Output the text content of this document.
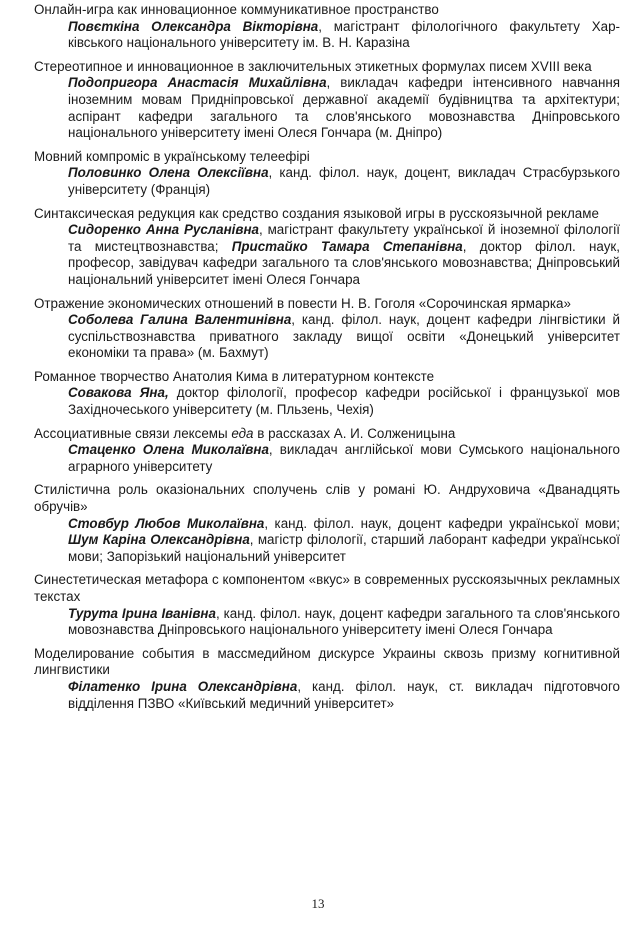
Онлайн-игра как инновационное коммуникативное пространство
Повєткіна Олександра Вікторівна, магістрант філологічного факультету Харківського національного університету ім. В. Н. Каразіна
Стереотипное и инновационное в заключительных этикетных формулах писем XVIII века
Подопригора Анастасія Михайлівна, викладач кафедри інтенсивного навчання іноземним мовам Придніпровської державної академії будівництва та архітектури; аспірант кафедри загального та слов'янського мовознавства Дніпровського національного університету імені Олеся Гончара (м. Дніпро)
Мовний компроміс в українському телеефірі
Половинко Олена Олексіївна, канд. філол. наук, доцент, викладач Страсбурзького університету (Франція)
Синтаксическая редукция как средство создания языковой игры в русскоязычной рекламе
Сидоренко Анна Русланівна, магістрант факультету української й іноземної філології та мистецтвознавства; Пристайко Тамара Степанівна, доктор філол. наук, професор, завідувач кафедри загального та слов'янського мовознавства; Дніпровський національний університет імені Олеся Гончара
Отражение экономических отношений в повести Н. В. Гоголя «Сорочинская ярмарка»
Соболева Галина Валентинівна, канд. філол. наук, доцент кафедри лінгвістики й суспільствознавства приватного закладу вищої освіти «Донецький університет економіки та права» (м. Бахмут)
Романное творчество Анатолия Кима в литературном контексте
Совакова Яна, доктор філології, професор кафедри російської і французької мов Західночеського університету (м. Пльзень, Чехія)
Ассоциативные связи лексемы еда в рассказах А. И. Солженицына
Стаценко Олена Миколаївна, викладач англійської мови Сумського національного аграрного університету
Стилістична роль оказіональних сполучень слів у романі Ю. Андруховича «Дванадцять обручів»
Стовбур Любов Миколаївна, канд. філол. наук, доцент кафедри української мови; Шум Каріна Олександрівна, магістр філології, старший лаборант кафедри української мови; Запорізький національний університет
Синестетическая метафора с компонентом «вкус» в современных русскоязычных рекламных текстах
Турута Ірина Іванівна, канд. філол. наук, доцент кафедри загального та слов'янського мовознавства Дніпровського національного університету імені Олеся Гончара
Моделирование события в массмедийном дискурсе Украины сквозь призму когнитивной лингвистики
Філатенко Ірина Олександрівна, канд. філол. наук, ст. викладач підготовчого відділення ПЗВО «Київський медичний університет»
13
